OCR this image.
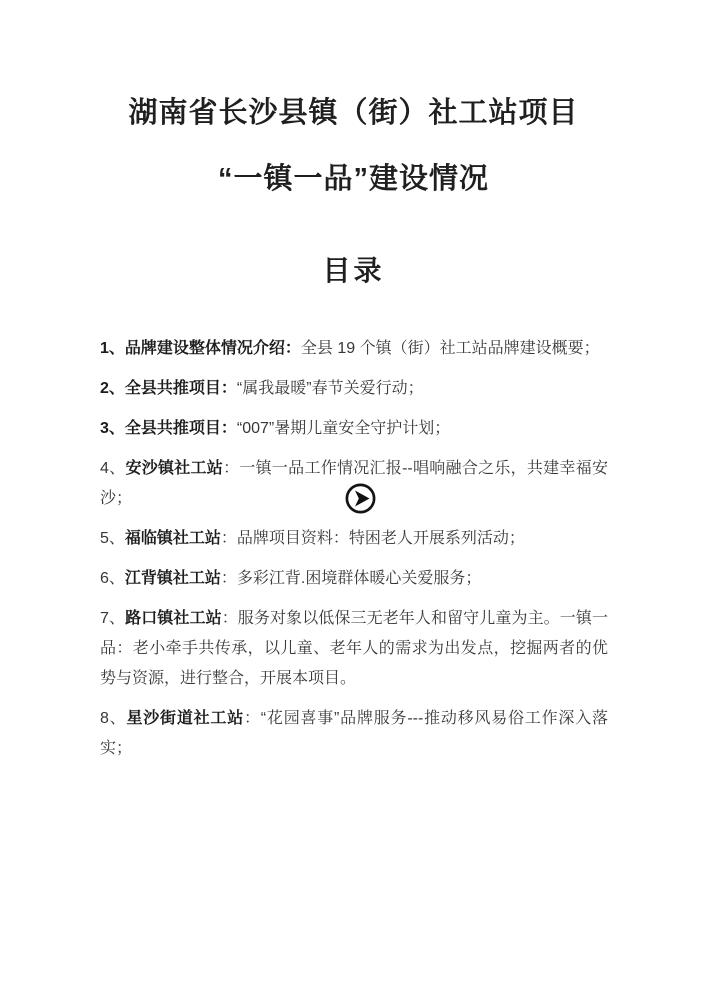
湖南省长沙县镇（街）社工站项目
“一镇一品”建设情况
目录

1、品牌建设整体情况介绍：全县 19 个镇（街）社工站品牌建设概要；

2、全县共推项目：“属我最暖”春节关爱行动；

3、全县共推项目：“007”暑期儿童安全守护计划；

4、安沙镇社工站：一镇一品工作情况汇报--唱响融合之乐，共建幸福安沙；

5、福临镇社工站：品牌项目资料：特困老人开展系列活动；

6、江背镇社工站：多彩江背.困境群体暖心关爱服务；

7、路口镇社工站：服务对象以低保三无老年人和留守儿童为主。一镇一品：老小牵手共传承，以儿童、老年人的需求为出发点，挖掘两者的优势与资源，进行整合，开展本项目。

8、星沙街道社工站：“花园喜事”品牌服务---推动移风易俗工作深入落实；
